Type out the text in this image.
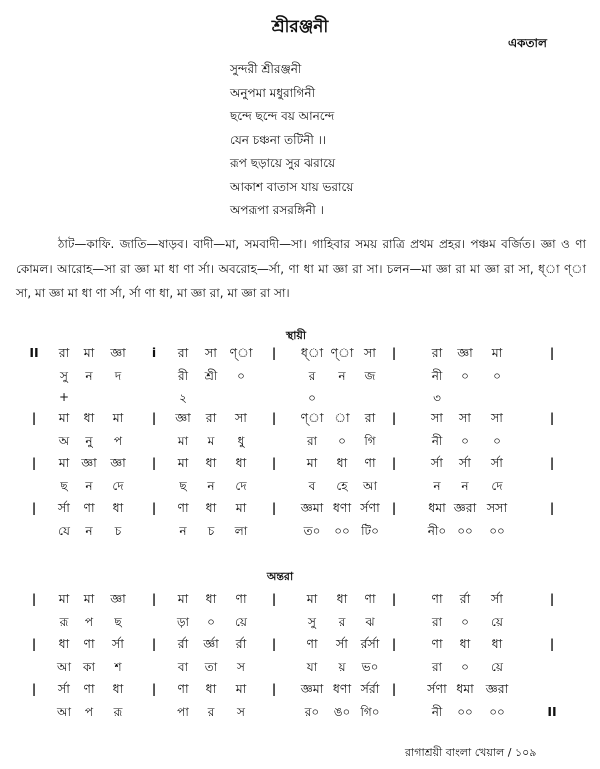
শ্রীরঞ্জনী
একতাল
সুন্দরী শ্রীরঞ্জনী
অনুপমা মধুরাগিনী
ছন্দে ছন্দে বয় আনন্দে
যেন চঞ্চনা তটিনী ।।
রূপ ছড়ায়ে সুর ঝরায়ে
আকাশ বাতাস যায় ভরায়ে
অপরূপা রসরঙ্গিনী ।
ঠাট—কাফি. জাতি—ষাড়ব। বাদী—মা, সমবাদী—সা। গাহিবার সময় রাত্রি প্রথম প্রহর। পঞ্চম বর্জিত। জ্ঞা ও ণা কোমল। আরোহ—সা রা জ্ঞা মা ধা ণা র্সা। অবরোহ—র্সা, ণা ধা মা জ্ঞা রা সা। চলন—মা জ্ঞা রা মা জ্ঞা রা সা, ধ্া ণ্া সা, মা জ্ঞা মা ধা ণা র্সা, র্সা ণা ধা, মা জ্ঞা রা, মা জ্ঞা রা সা।
স্থায়ী
II	i	|	|	|
রা মা জ্ঞা	রা সা ণ্া	ধ্া ণ্া সা	রা জ্ঞা মা
সু ন দ	রী শ্রী ০	র ন জ	নী ০ ০
+	২	০	৩
|	|	|	|	|
মা ধা মা	জ্ঞা রা সা	ণ্া া রা	সা সা সা
অ নু প	মা ম ধু	রা ০ গি	নী ০ ০
|	|	|	|	|
মা জ্ঞা জ্ঞা	মা ধা ধা	মা ধা ণা	র্সা র্সা র্সা
ছ ন দে	ছ ন দে	ব হে আ	ন ন দে
|	|	|	|	|
র্সা ণা ধা	ণা ধা মা	জ্ঞমা ধণা র্সণা	ধমা জ্ঞরা সসা
যে ন চ	ন চ লা	ত০ ০০ টি০	নী০ ০০ ০০
অন্তরা
|	|	|	|	|
মা মা জ্ঞা	মা ধা ণা	মা ধা ণা	ণা র্রা র্সা
রূ প ছ	ড়া ০ য়ে	সু র ঝ	রা ০ য়ে
|	|	|	|	|
ধা ণা র্সা	র্রা র্জ্ঞা র্রা	ণা র্সা র্রর্সা	ণা ধা ধা
আ কা শ	বা তা স	যা য় ভ০	রা ০ য়ে
|	|	|	|
র্সা ণা ধা	ণা ধা মা	জ্ঞমা ধণা র্সর্রা	র্সণা ধমা জ্ঞরা
আ প রূ	পা র স	র০ ঙ০ গি০	নী ০০ ০০	II
রাগাশ্রয়ী বাংলা খেয়াল / ১০৯
